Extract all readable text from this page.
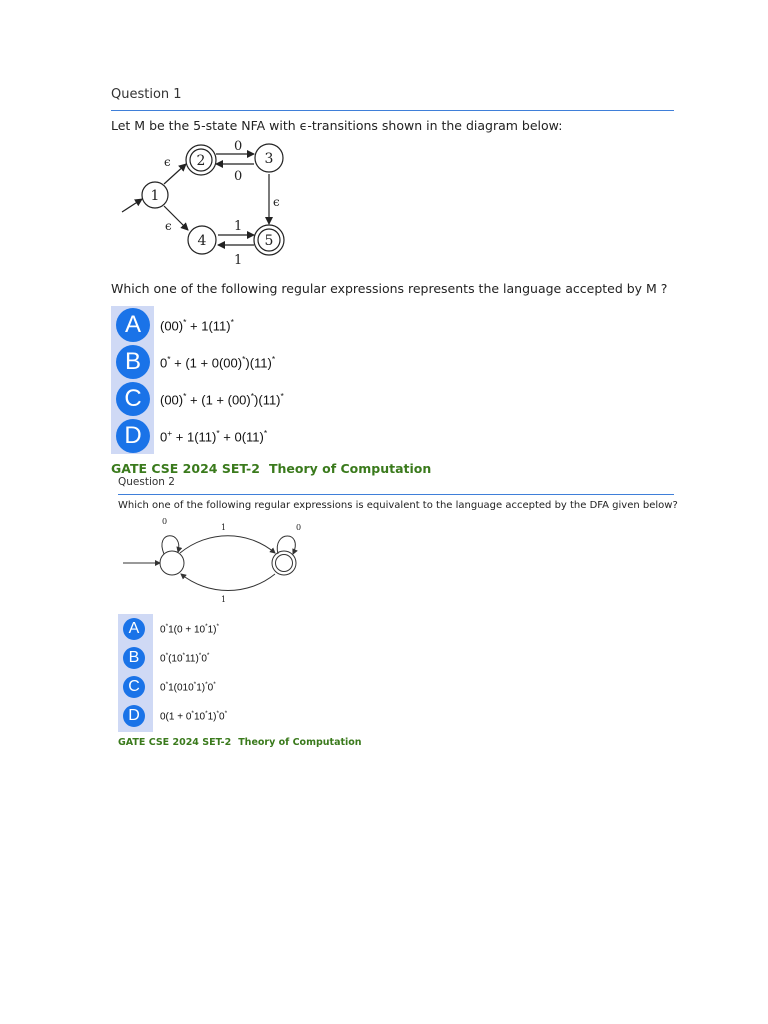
Question 1
Let M be the 5-state NFA with ϵ-transitions shown in the diagram below:
1
2	3
4	5
ϵ
ϵ
ϵ
0
0
1
1
Which one of the following regular expressions represents the language accepted by M ?
A	(00)* + 1(11)*
B	0* + (1 + 0(00)*)(11)*
C	(00)* + (1 + (00)*)(11)*
D	0+ + 1(11)* + 0(11)*
GATE CSE 2024 SET-2 Theory of Computation
Question 2
Which one of the following regular expressions is equivalent to the language accepted by the DFA given below?
0
1	0
1
A	0*1(0 + 10*1)*
B	0*(10*11)*0*
C	0*1(010*1)*0*
D	0(1 + 0*10*1)*0*
GATE CSE 2024 SET-2 Theory of Computation
